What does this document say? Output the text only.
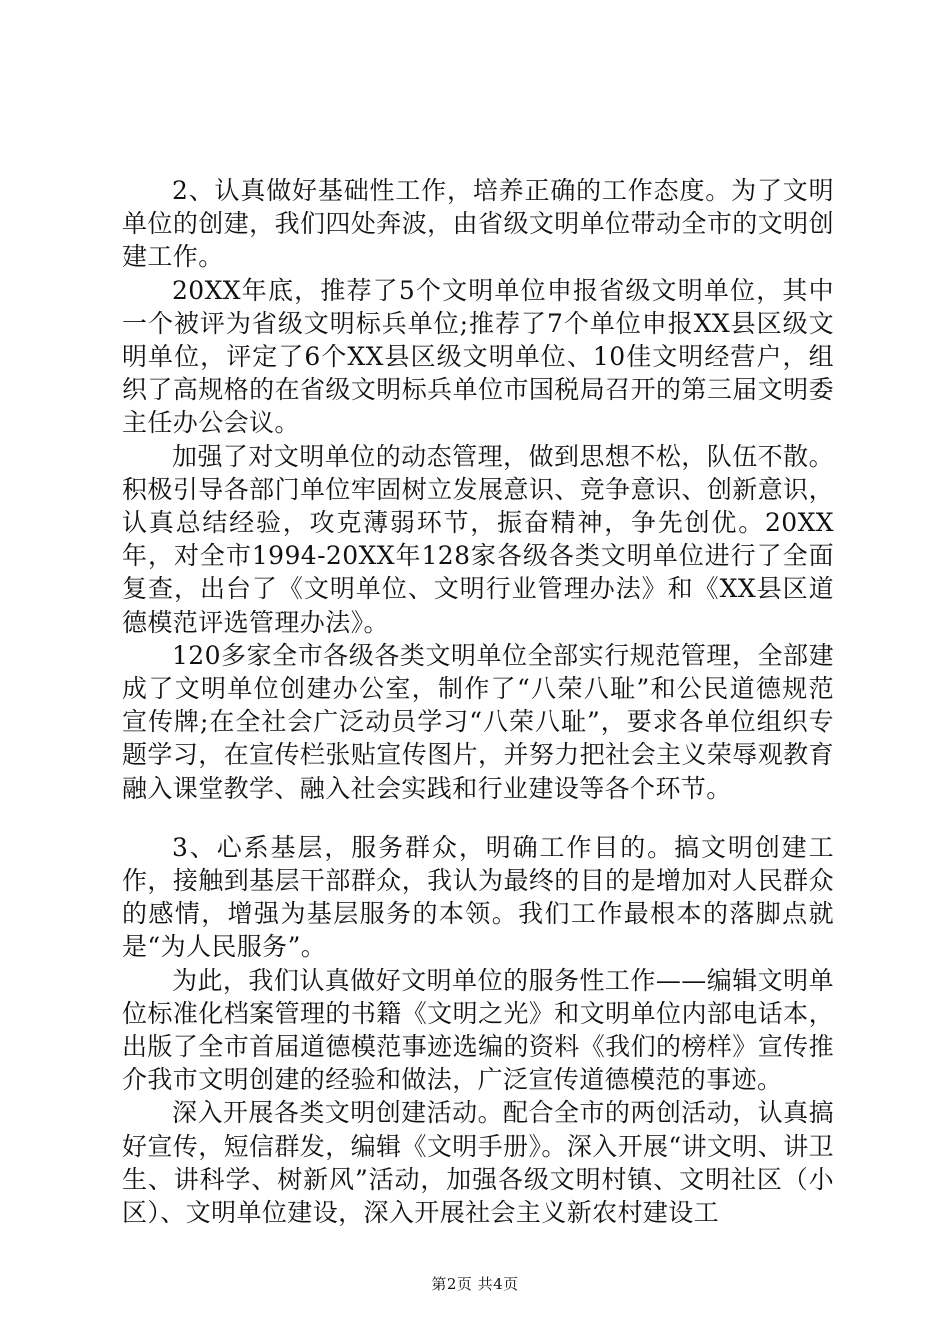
2、认真做好基础性工作，培养正确的工作态度。为了文明单位的创建，我们四处奔波，由省级文明单位带动全市的文明创建工作。

20XX年底，推荐了5个文明单位申报省级文明单位，其中一个被评为省级文明标兵单位;推荐了7个单位申报XX县区级文明单位，评定了6个XX县区级文明单位、10佳文明经营户，组织了高规格的在省级文明标兵单位市国税局召开的第三届文明委主任办公会议。

加强了对文明单位的动态管理，做到思想不松，队伍不散。积极引导各部门单位牢固树立发展意识、竞争意识、创新意识，认真总结经验，攻克薄弱环节，振奋精神，争先创优。20XX年，对全市1994-20XX年128家各级各类文明单位进行了全面复查，出台了《文明单位、文明行业管理办法》和《XX县区道德模范评选管理办法》。

120多家全市各级各类文明单位全部实行规范管理，全部建成了文明单位创建办公室，制作了“八荣八耻”和公民道德规范宣传牌;在全社会广泛动员学习“八荣八耻”，要求各单位组织专题学习，在宣传栏张贴宣传图片，并努力把社会主义荣辱观教育融入课堂教学、融入社会实践和行业建设等各个环节。

3、心系基层，服务群众，明确工作目的。搞文明创建工作，接触到基层干部群众，我认为最终的目的是增加对人民群众的感情，增强为基层服务的本领。我们工作最根本的落脚点就是“为人民服务”。

为此，我们认真做好文明单位的服务性工作——编辑文明单位标准化档案管理的书籍《文明之光》和文明单位内部电话本，出版了全市首届道德模范事迹选编的资料《我们的榜样》宣传推介我市文明创建的经验和做法，广泛宣传道德模范的事迹。

深入开展各类文明创建活动。配合全市的两创活动，认真搞好宣传，短信群发，编辑《文明手册》。深入开展“讲文明、讲卫生、讲科学、树新风”活动，加强各级文明村镇、文明社区（小区）、文明单位建设，深入开展社会主义新农村建设工

第2页 共4页
